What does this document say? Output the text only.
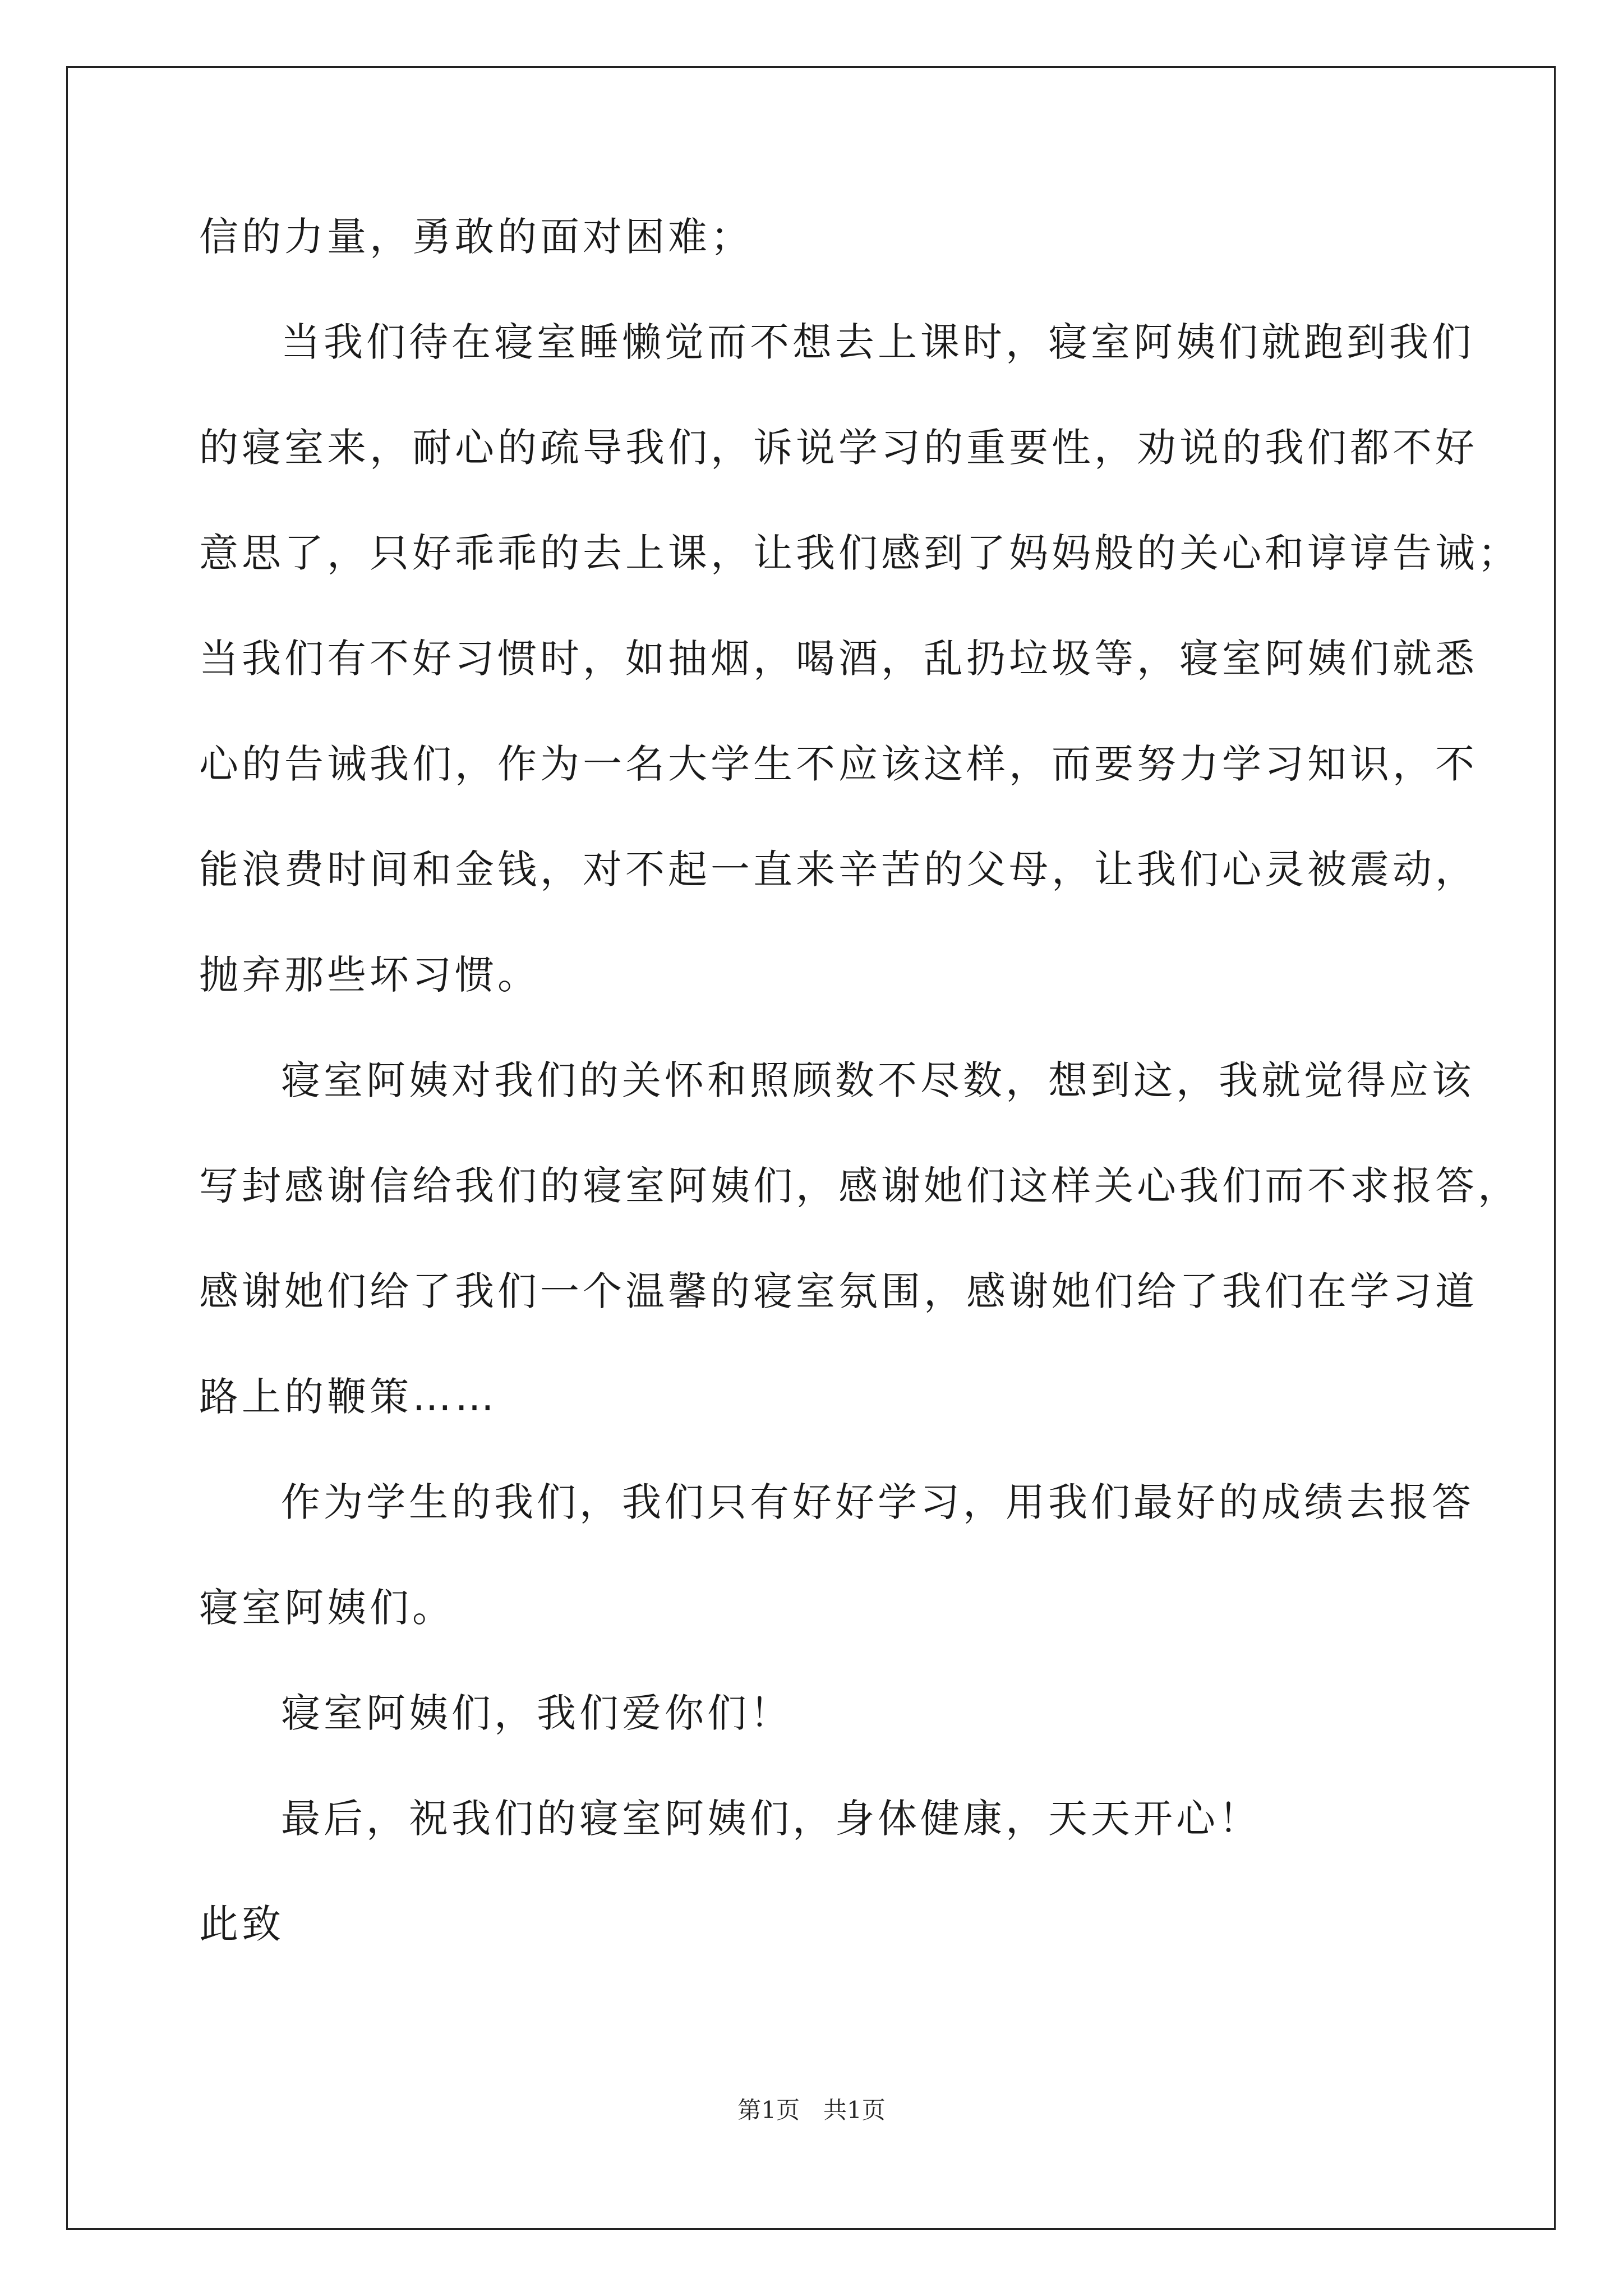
信的力量，勇敢的面对困难；
当我们待在寝室睡懒觉而不想去上课时，寝室阿姨们就跑到我们
的寝室来，耐心的疏导我们，诉说学习的重要性，劝说的我们都不好
意思了，只好乖乖的去上课，让我们感到了妈妈般的关心和谆谆告诫；
当我们有不好习惯时，如抽烟，喝酒，乱扔垃圾等，寝室阿姨们就悉
心的告诫我们，作为一名大学生不应该这样，而要努力学习知识，不
能浪费时间和金钱，对不起一直来辛苦的父母，让我们心灵被震动，
抛弃那些坏习惯。
寝室阿姨对我们的关怀和照顾数不尽数，想到这，我就觉得应该
写封感谢信给我们的寝室阿姨们，感谢她们这样关心我们而不求报答，
感谢她们给了我们一个温馨的寝室氛围，感谢她们给了我们在学习道
路上的鞭策……
作为学生的我们，我们只有好好学习，用我们最好的成绩去报答
寝室阿姨们。
寝室阿姨们，我们爱你们！
最后，祝我们的寝室阿姨们，身体健康，天天开心！
此致
第1页　共1页
